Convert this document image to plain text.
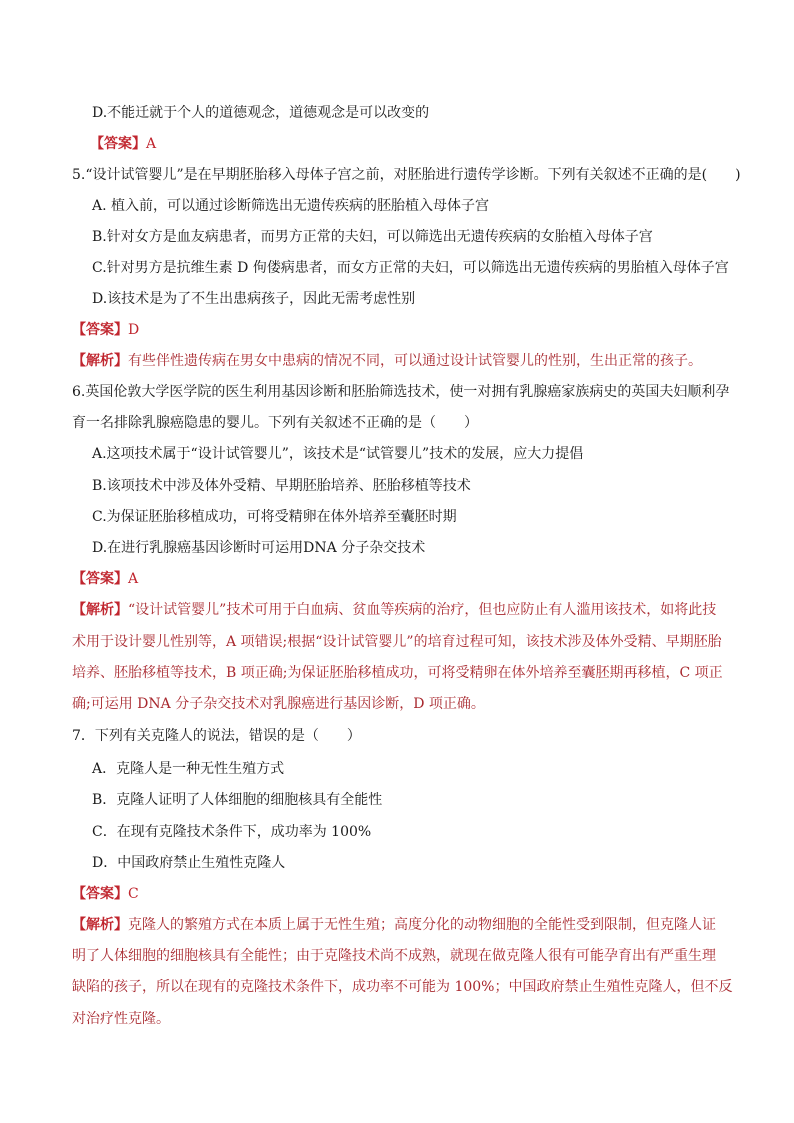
D.不能迁就于个人的道德观念，道德观念是可以改变的
【答案】A
5.“设计试管婴儿”是在早期胚胎移入母体子宫之前，对胚胎进行遗传学诊断。下列有关叙述不正确的是(　　)
A. 植入前，可以通过诊断筛选出无遗传疾病的胚胎植入母体子宫
B.针对女方是血友病患者，而男方正常的夫妇，可以筛选出无遗传疾病的女胎植入母体子宫
C.针对男方是抗维生素 D 佝偻病患者，而女方正常的夫妇，可以筛选出无遗传疾病的男胎植入母体子宫
D.该技术是为了不生出患病孩子，因此无需考虑性别
【答案】D
【解析】有些伴性遗传病在男女中患病的情况不同，可以通过设计试管婴儿的性别，生出正常的孩子。
6.英国伦敦大学医学院的医生利用基因诊断和胚胎筛选技术，使一对拥有乳腺癌家族病史的英国夫妇顺利孕
育一名排除乳腺癌隐患的婴儿。下列有关叙述不正确的是（　　）
A.这项技术属于“设计试管婴儿”，该技术是“试管婴儿”技术的发展，应大力提倡
B.该项技术中涉及体外受精、早期胚胎培养、胚胎移植等技术
C.为保证胚胎移植成功，可将受精卵在体外培养至囊胚时期
D.在进行乳腺癌基因诊断时可运用DNA 分子杂交技术
【答案】A
【解析】“设计试管婴儿”技术可用于白血病、贫血等疾病的治疗，但也应防止有人滥用该技术，如将此技
术用于设计婴儿性别等，A 项错误;根据“设计试管婴儿”的培育过程可知，该技术涉及体外受精、早期胚胎
培养、胚胎移植等技术，B 项正确;为保证胚胎移植成功，可将受精卵在体外培养至囊胚期再移植，C 项正
确;可运用 DNA 分子杂交技术对乳腺癌进行基因诊断，D 项正确。
7．下列有关克隆人的说法，错误的是（　　）
A．克隆人是一种无性生殖方式
B．克隆人证明了人体细胞的细胞核具有全能性
C．在现有克隆技术条件下，成功率为 100%
D．中国政府禁止生殖性克隆人
【答案】C
【解析】克隆人的繁殖方式在本质上属于无性生殖；高度分化的动物细胞的全能性受到限制，但克隆人证
明了人体细胞的细胞核具有全能性；由于克隆技术尚不成熟，就现在做克隆人很有可能孕育出有严重生理
缺陷的孩子，所以在现有的克隆技术条件下，成功率不可能为 100%；中国政府禁止生殖性克隆人，但不反
对治疗性克隆。
